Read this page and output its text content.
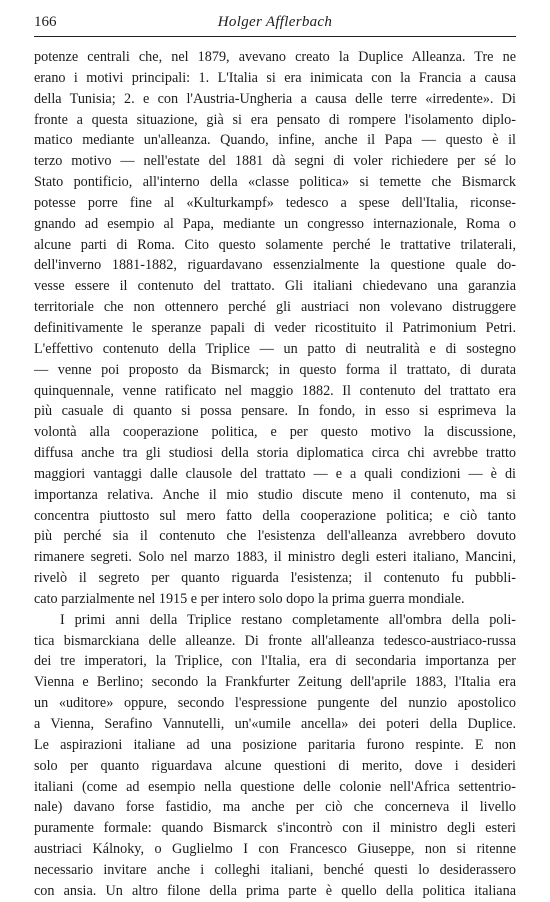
166	Holger Afflerbach
potenze centrali che, nel 1879, avevano creato la Duplice Alleanza. Tre ne
erano i motivi principali: 1. L'Italia si era inimicata con la Francia a causa
della Tunisia; 2. e con l'Austria-Ungheria a causa delle terre «irredente». Di
fronte a questa situazione, già si era pensato di rompere l'isolamento diplo-
matico mediante un'alleanza. Quando, infine, anche il Papa — questo è il
terzo motivo — nell'estate del 1881 dà segni di voler richiedere per sé lo
Stato pontificio, all'interno della «classe politica» si temette che Bismarck
potesse porre fine al «Kulturkampf» tedesco a spese dell'Italia, riconse-
gnando ad esempio al Papa, mediante un congresso internazionale, Roma o
alcune parti di Roma. Cito questo solamente perché le trattative trilaterali,
dell'inverno 1881-1882, riguardavano essenzialmente la questione quale do-
vesse essere il contenuto del trattato. Gli italiani chiedevano una garanzia
territoriale che non ottennero perché gli austriaci non volevano distruggere
definitivamente le speranze papali di veder ricostituito il Patrimonium Petri.
L'effettivo contenuto della Triplice — un patto di neutralità e di sostegno
— venne poi proposto da Bismarck; in questo forma il trattato, di durata
quinquennale, venne ratificato nel maggio 1882. Il contenuto del trattato era
più casuale di quanto si possa pensare. In fondo, in esso si esprimeva la
volontà alla cooperazione politica, e per questo motivo la discussione,
diffusa anche tra gli studiosi della storia diplomatica circa chi avrebbe tratto
maggiori vantaggi dalle clausole del trattato — e a quali condizioni — è di
importanza relativa. Anche il mio studio discute meno il contenuto, ma si
concentra piuttosto sul mero fatto della cooperazione politica; e ciò tanto
più perché sia il contenuto che l'esistenza dell'alleanza avrebbero dovuto
rimanere segreti. Solo nel marzo 1883, il ministro degli esteri italiano, Mancini,
rivelò il segreto per quanto riguarda l'esistenza; il contenuto fu pubbli-
cato parzialmente nel 1915 e per intero solo dopo la prima guerra mondiale.
I primi anni della Triplice restano completamente all'ombra della poli-
tica bismarckiana delle alleanze. Di fronte all'alleanza tedesco-austriaco-russa
dei tre imperatori, la Triplice, con l'Italia, era di secondaria importanza per
Vienna e Berlino; secondo la Frankfurter Zeitung dell'aprile 1883, l'Italia era
un «uditore» oppure, secondo l'espressione pungente del nunzio apostolico
a Vienna, Serafino Vannutelli, un'«umile ancella» dei poteri della Duplice.
Le aspirazioni italiane ad una posizione paritaria furono respinte. E non
solo per quanto riguardava alcune questioni di merito, dove i desideri
italiani (come ad esempio nella questione delle colonie nell'Africa settentrio-
nale) davano forse fastidio, ma anche per ciò che concerneva il livello
puramente formale: quando Bismarck s'incontrò con il ministro degli esteri
austriaci Kálnoky, o Guglielmo I con Francesco Giuseppe, non si ritenne
necessario invitare anche i colleghi italiani, benché questi lo desiderassero
con ansia. Un altro filone della prima parte è quello della politica italiana
